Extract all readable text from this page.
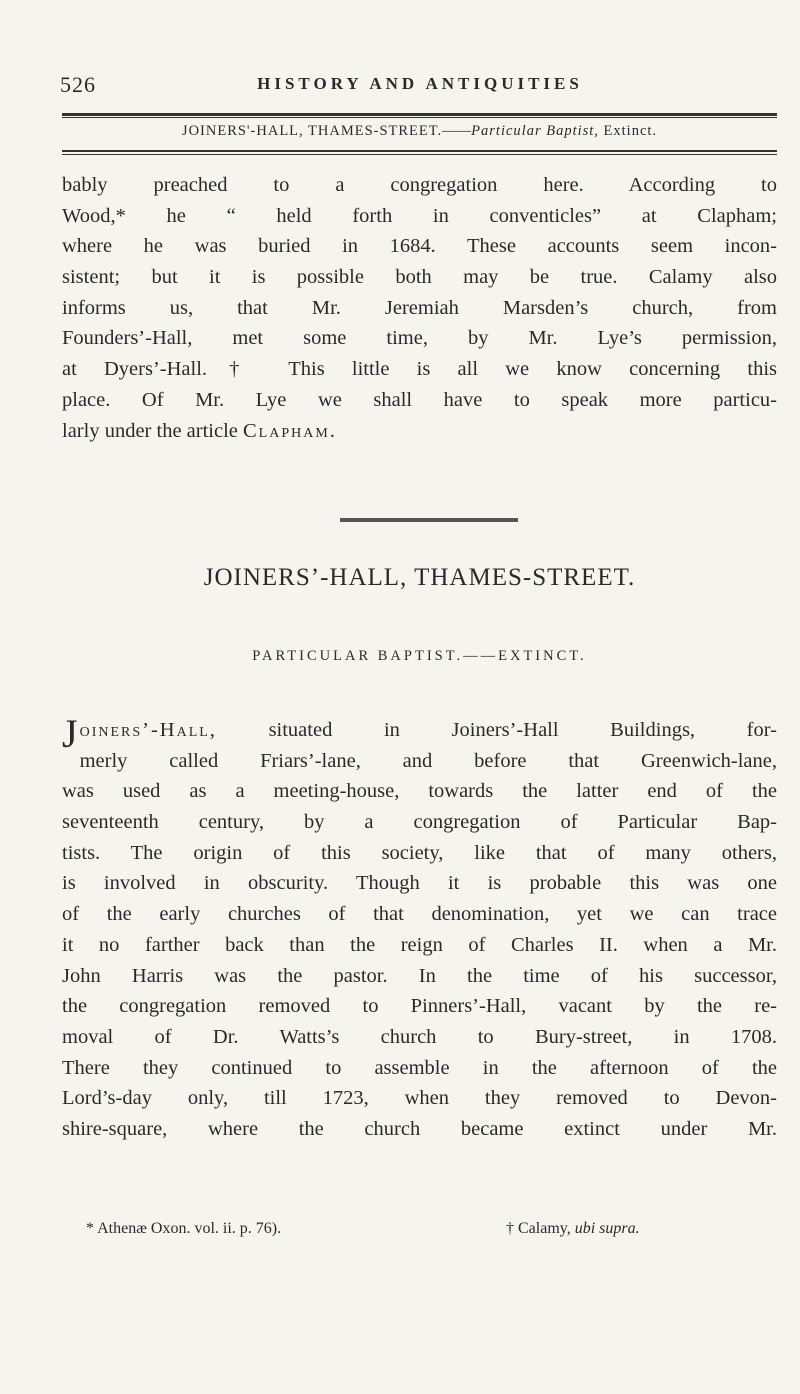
526	HISTORY AND ANTIQUITIES
JOINERS'-HALL, THAMES-STREET.——Particular Baptist, Extinct.
bably preached to a congregation here. According to
Wood,* he “ held forth in conventicles” at Clapham;
where he was buried in 1684. These accounts seem incon-
sistent; but it is possible both may be true. Calamy also
informs us, that Mr. Jeremiah Marsden’s church, from
Founders’-Hall, met some time, by Mr. Lye’s permission,
at Dyers’-Hall.† This little is all we know concerning this
place. Of Mr. Lye we shall have to speak more particu-
larly under the article Clapham.
JOINERS’-HALL, THAMES-STREET.
PARTICULAR BAPTIST.——EXTINCT.
Joiners’-Hall, situated in Joiners’-Hall Buildings, for-
merly called Friars’-lane, and before that Greenwich-lane,
was used as a meeting-house, towards the latter end of the
seventeenth century, by a congregation of Particular Bap-
tists. The origin of this society, like that of many others,
is involved in obscurity. Though it is probable this was one
of the early churches of that denomination, yet we can trace
it no farther back than the reign of Charles II. when a Mr.
John Harris was the pastor. In the time of his successor,
the congregation removed to Pinners’-Hall, vacant by the re-
moval of Dr. Watts’s church to Bury-street, in 1708.
There they continued to assemble in the afternoon of the
Lord’s-day only, till 1723, when they removed to Devon-
shire-square, where the church became extinct under Mr.
* Athenæ Oxon. vol. ii. p. 76).	† Calamy, ubi supra.
